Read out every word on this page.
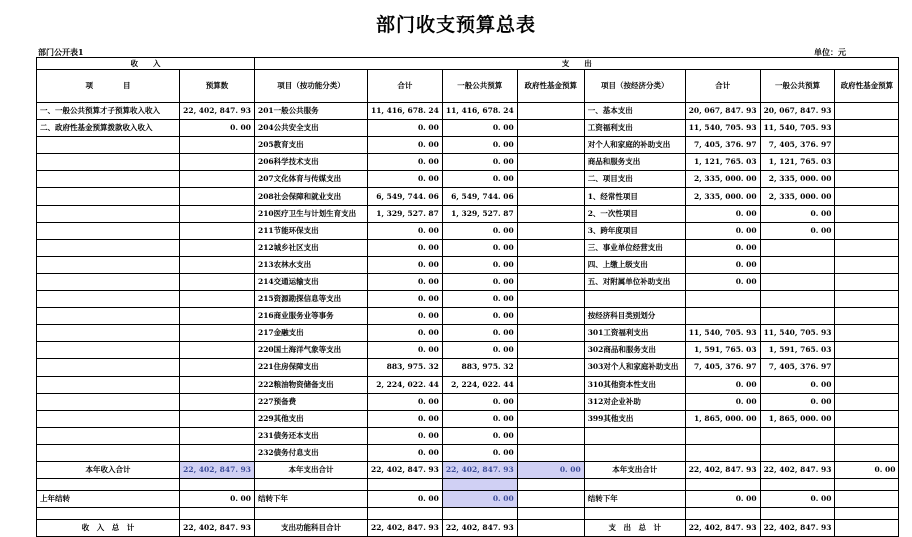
部门收支预算总表
部门公开表1	单位：元
收　　入		支　　出							
项　　　　目	预算数	项目（按功能分类）	合计	一般公共预算	政府性基金预算	项目（按经济分类）	合计	一般公共预算	政府性基金预算
一、一般公共预算才子预算收入收入	22, 402, 847. 93	201一般公共服务	11, 416, 678. 24	11, 416, 678. 24		一、基本支出	20, 067, 847. 93	20, 067, 847. 93	
二、政府性基金预算拨款收入收入	0. 00	204公共安全支出	0. 00	0. 00		工资福利支出	11, 540, 705. 93	11, 540, 705. 93	
		205教育支出	0. 00	0. 00		对个人和家庭的补助支出	7, 405, 376. 97	7, 405, 376. 97	
		206科学技术支出	0. 00	0. 00		商品和服务支出	1, 121, 765. 03	1, 121, 765. 03	
		207文化体育与传媒支出	0. 00	0. 00		二、项目支出	2, 335, 000. 00	2, 335, 000. 00	
		208社会保障和就业支出	6, 549, 744. 06	6, 549, 744. 06		1、经常性项目	2, 335, 000. 00	2, 335, 000. 00	
		210医疗卫生与计划生育支出	1, 329, 527. 87	1, 329, 527. 87		2、一次性项目	0. 00	0. 00	
		211节能环保支出	0. 00	0. 00		3、跨年度项目	0. 00	0. 00	
		212城乡社区支出	0. 00	0. 00		三、事业单位经营支出	0. 00		
		213农林水支出	0. 00	0. 00		四、上缴上级支出	0. 00		
		214交通运输支出	0. 00	0. 00		五、对附属单位补助支出	0. 00		
		215资源勘探信息等支出	0. 00	0. 00					
		216商业服务业等事务	0. 00	0. 00		按经济科目类别划分			
		217金融支出	0. 00	0. 00		301工资福利支出	11, 540, 705. 93	11, 540, 705. 93	
		220国土海洋气象等支出	0. 00	0. 00		302商品和服务支出	1, 591, 765. 03	1, 591, 765. 03	
		221住房保障支出	883, 975. 32	883, 975. 32		303对个人和家庭补助支出	7, 405, 376. 97	7, 405, 376. 97	
		222粮油物资储备支出	2, 224, 022. 44	2, 224, 022. 44		310其他资本性支出	0. 00	0. 00	
		227预备费	0. 00	0. 00		312对企业补助	0. 00	0. 00	
		229其他支出	0. 00	0. 00		399其他支出	1, 865, 000. 00	1, 865, 000. 00	
		231债务还本支出	0. 00	0. 00					
		232债务付息支出	0. 00	0. 00					
本年收入合计	22, 402, 847. 93	本年支出合计	22, 402, 847. 93	22, 402, 847. 93	0. 00	本年支出合计	22, 402, 847. 93	22, 402, 847. 93	0. 00

上年结转	0. 00	结转下年	0. 00	0. 00		结转下年	0. 00	0. 00	

收　入　总　计	22, 402, 847. 93	支出功能科目合计	22, 402, 847. 93	22, 402, 847. 93		支　出　总　计	22, 402, 847. 93	22, 402, 847. 93	
